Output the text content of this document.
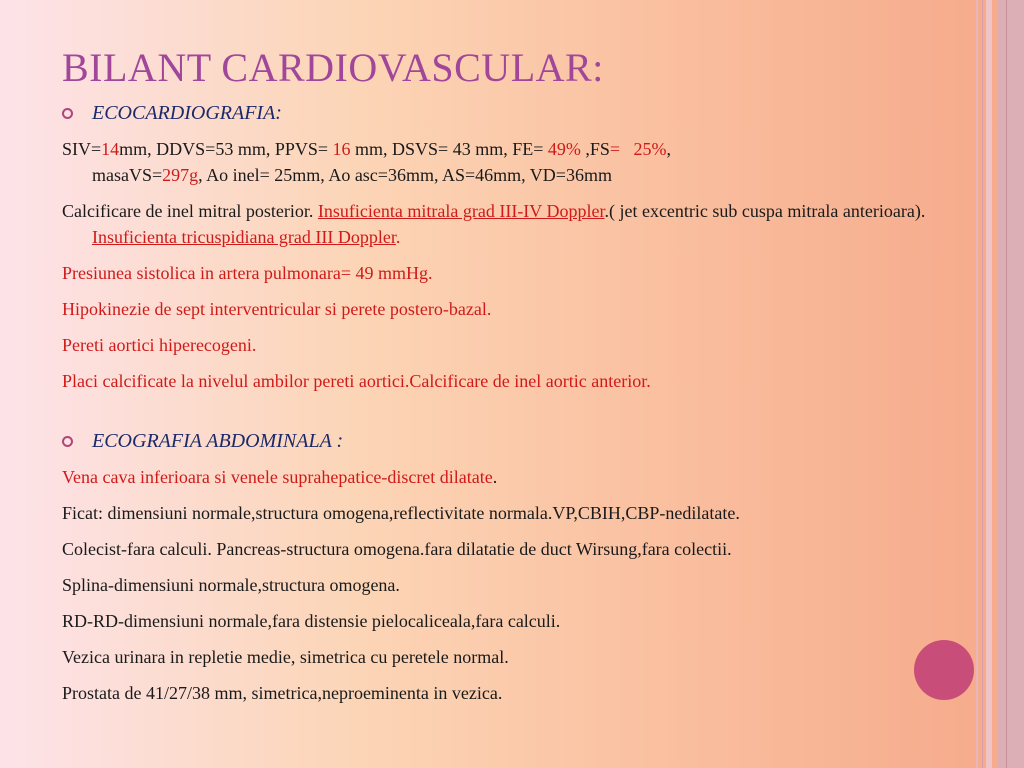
BILANT CARDIOVASCULAR:
ECOCARDIOGRAFIA:
SIV=14mm, DDVS=53 mm, PPVS= 16 mm, DSVS= 43 mm, FE= 49% ,FS= 25%,
masaVS=297g, Ao inel= 25mm, Ao asc=36mm, AS=46mm, VD=36mm
Calcificare de inel mitral posterior. Insuficienta mitrala grad III-IV Doppler.( jet excentric sub cuspa mitrala anterioara). Insuficienta tricuspidiana grad III Doppler.
Presiunea sistolica in artera pulmonara= 49 mmHg.
Hipokinezie de sept interventricular si perete postero-bazal.
Pereti aortici hiperecogeni.
Placi calcificate la nivelul ambilor pereti aortici.Calcificare de inel aortic anterior.
ECOGRAFIA ABDOMINALA :
Vena cava inferioara si venele suprahepatice-discret dilatate.
Ficat: dimensiuni normale,structura omogena,reflectivitate normala.VP,CBIH,CBP-nedilatate.
Colecist-fara calculi. Pancreas-structura omogena.fara dilatatie de duct Wirsung,fara colectii.
Splina-dimensiuni normale,structura omogena.
RD-RD-dimensiuni normale,fara distensie pielocaliceala,fara calculi.
Vezica urinara in repletie medie, simetrica cu peretele normal.
Prostata de 41/27/38 mm, simetrica,neproeminenta in vezica.
